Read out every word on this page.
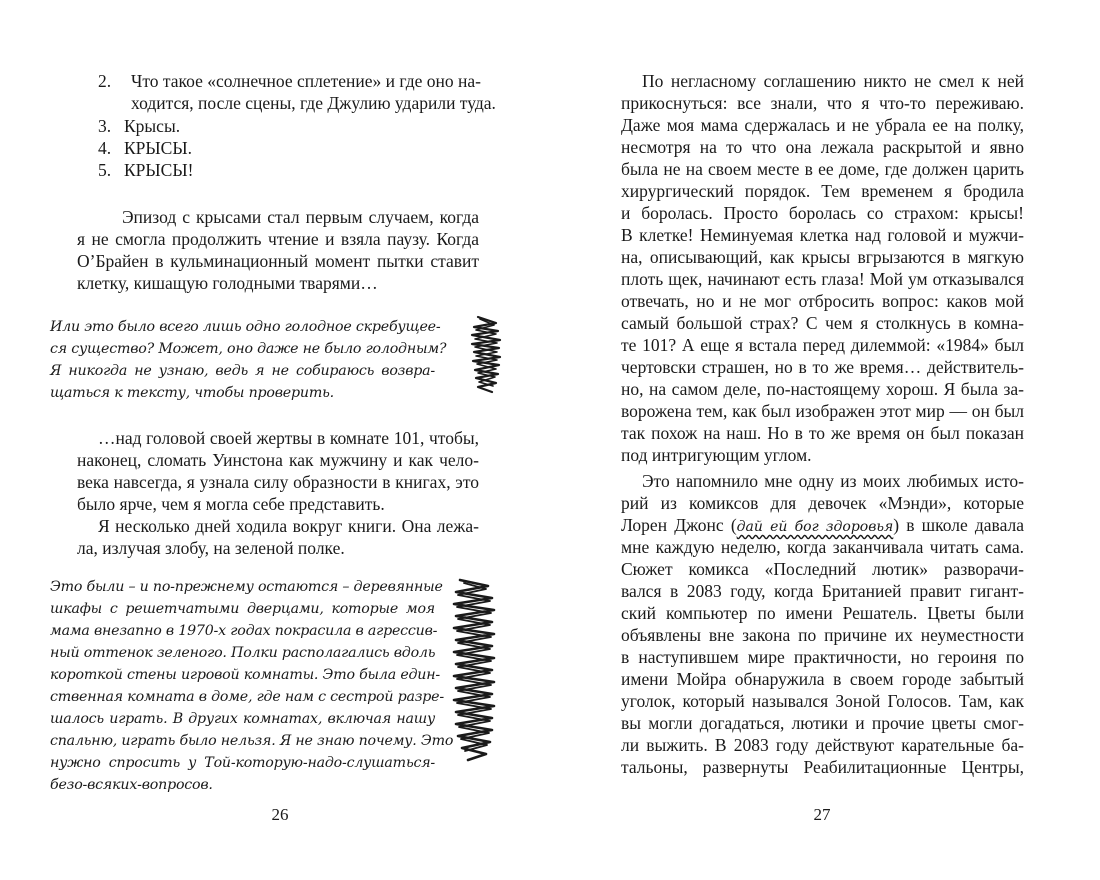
2. Что такое «солнечное сплетение» и где оно на-
ходится, после сцены, где Джулию ударили туда.
3. Крысы.
4. КРЫСЫ.
5. КРЫСЫ!
Эпизод с крысами стал первым случаем, когда
я не смогла продолжить чтение и взяла паузу. Когда
О’Брайен в кульминационный момент пытки ставит
клетку, кишащую голодными тварями…
Или это было всего лишь одно голодное скребущее-
ся существо? Может, оно даже не было голодным?
Я никогда не узнаю, ведь я не собираюсь возвра-
щаться к тексту, чтобы проверить.
…над головой своей жертвы в комнате 101, чтобы,
наконец, сломать Уинстона как мужчину и как чело-
века навсегда, я узнала силу образности в книгах, это
было ярче, чем я могла себе представить.
Я несколько дней ходила вокруг книги. Она лежа-
ла, излучая злобу, на зеленой полке.
Это были – и по-прежнему остаются – деревянные
шкафы с решетчатыми дверцами, которые моя
мама внезапно в 1970-х годах покрасила в агрессив-
ный оттенок зеленого. Полки располагались вдоль
короткой стены игровой комнаты. Это была един-
ственная комната в доме, где нам с сестрой разре-
шалось играть. В других комнатах, включая нашу
спальню, играть было нельзя. Я не знаю почему. Это
нужно спросить у Той-которую-надо-слушаться-
безо-всяких-вопросов.
26
По негласному соглашению никто не смел к ней
прикоснуться: все знали, что я что-то переживаю.
Даже моя мама сдержалась и не убрала ее на полку,
несмотря на то что она лежала раскрытой и явно
была не на своем месте в ее доме, где должен царить
хирургический порядок. Тем временем я бродила
и боролась. Просто боролась со страхом: крысы!
В клетке! Неминуемая клетка над головой и мужчи-
на, описывающий, как крысы вгрызаются в мягкую
плоть щек, начинают есть глаза! Мой ум отказывался
отвечать, но и не мог отбросить вопрос: каков мой
самый большой страх? С чем я столкнусь в комна-
те 101? А еще я встала перед дилеммой: «1984» был
чертовски страшен, но в то же время… действитель-
но, на самом деле, по-настоящему хорош. Я была за-
ворожена тем, как был изображен этот мир — он был
так похож на наш. Но в то же время он был показан
под интригующим углом.
Это напомнило мне одну из моих любимых исто-
рий из комиксов для девочек «Мэнди», которые
Лорен Джонс (дай ей бог здоровья) в школе давала
мне каждую неделю, когда заканчивала читать сама.
Сюжет комикса «Последний лютик» разворачи-
вался в 2083 году, когда Британией правит гигант-
ский компьютер по имени Решатель. Цветы были
объявлены вне закона по причине их неуместности
в наступившем мире практичности, но героиня по
имени Мойра обнаружила в своем городе забытый
уголок, который назывался Зоной Голосов. Там, как
вы могли догадаться, лютики и прочие цветы смог-
ли выжить. В 2083 году действуют карательные ба-
тальоны, развернуты Реабилитационные Центры,
27
